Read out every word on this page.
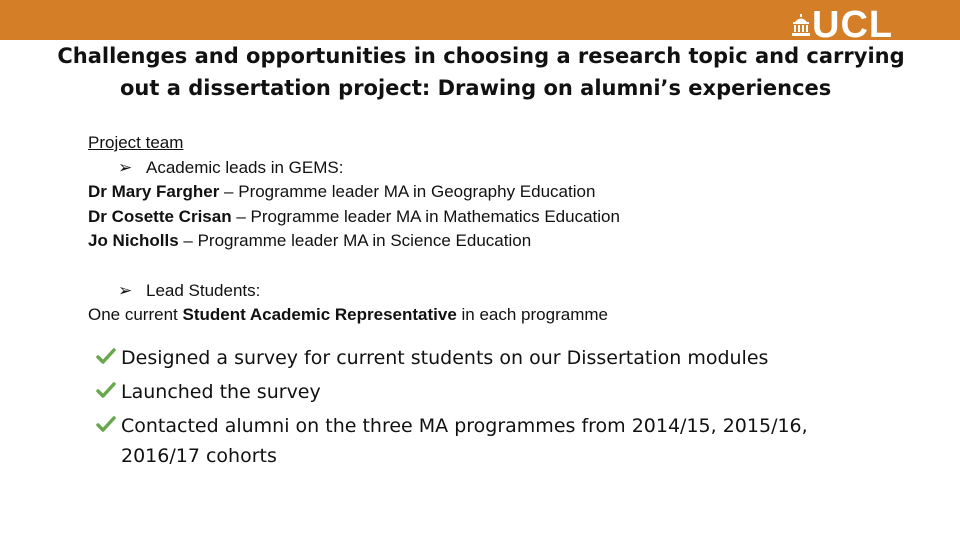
UCL
Challenges and opportunities in choosing a research topic and carrying
out a dissertation project: Drawing on alumni’s experiences
Project team
➢ Academic leads in GEMS:
Dr Mary Fargher – Programme leader MA in Geography Education
Dr Cosette Crisan – Programme leader MA in Mathematics Education
Jo Nicholls – Programme leader MA in Science Education
➢ Lead Students:
One current Student Academic Representative in each programme
Designed a survey for current students on our Dissertation modules
Launched the survey
Contacted alumni on the three MA programmes from 2014/15, 2015/16, 2016/17 cohorts
